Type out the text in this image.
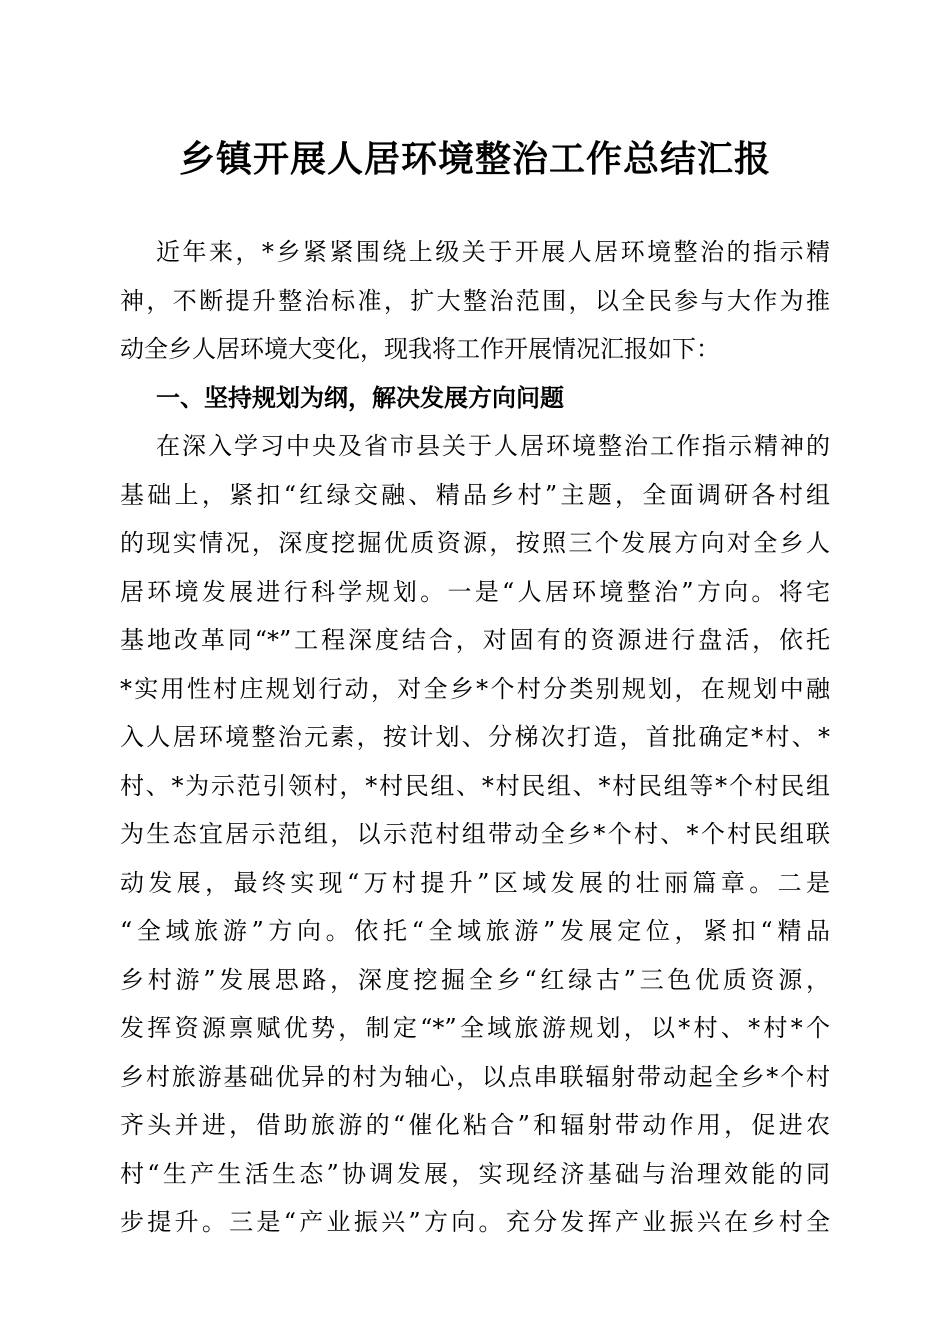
乡镇开展人居环境整治工作总结汇报
近年来，*乡紧紧围绕上级关于开展人居环境整治的指示精
神，不断提升整治标准，扩大整治范围，以全民参与大作为推
动全乡人居环境大变化，现我将工作开展情况汇报如下：
一、坚持规划为纲，解决发展方向问题
在深入学习中央及省市县关于人居环境整治工作指示精神的
基础上，紧扣“红绿交融、精品乡村”主题，全面调研各村组
的现实情况，深度挖掘优质资源，按照三个发展方向对全乡人
居环境发展进行科学规划。一是“人居环境整治”方向。将宅
基地改革同“*”工程深度结合，对固有的资源进行盘活，依托
*实用性村庄规划行动，对全乡*个村分类别规划，在规划中融
入人居环境整治元素，按计划、分梯次打造，首批确定*村、*
村、*为示范引领村，*村民组、*村民组、*村民组等*个村民组
为生态宜居示范组，以示范村组带动全乡*个村、*个村民组联
动发展，最终实现“万村提升”区域发展的壮丽篇章。二是
“全域旅游”方向。依托“全域旅游”发展定位，紧扣“精品
乡村游”发展思路，深度挖掘全乡“红绿古”三色优质资源，
发挥资源禀赋优势，制定“*”全域旅游规划，以*村、*村*个
乡村旅游基础优异的村为轴心，以点串联辐射带动起全乡*个村
齐头并进，借助旅游的“催化粘合”和辐射带动作用，促进农
村“生产生活生态”协调发展，实现经济基础与治理效能的同
步提升。三是“产业振兴”方向。充分发挥产业振兴在乡村全
